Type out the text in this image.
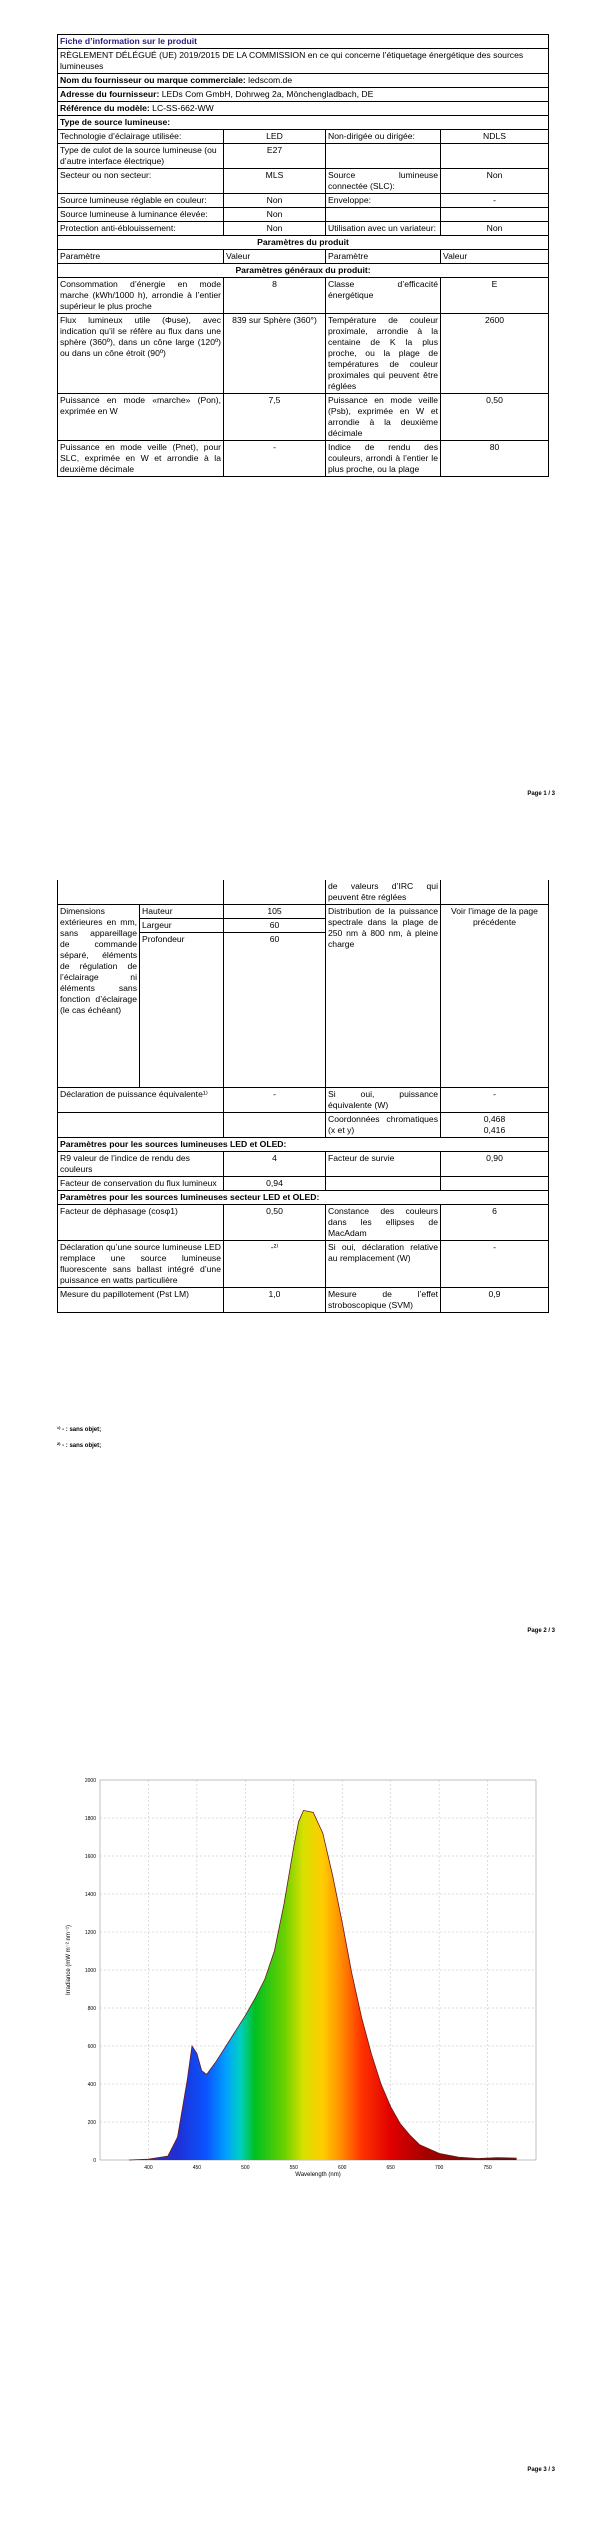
Fiche d’information sur le produit			
RÈGLEMENT DÉLÉGUÉ (UE) 2019/2015 DE LA COMMISSION en ce qui concerne l’étiquetage énergétique des sources lumineuses			
Nom du fournisseur ou marque commerciale: ledscom.de			
Adresse du fournisseur: LEDs Com GmbH, Dohrweg 2a, Mönchengladbach, DE			
Référence du modèle: LC-SS-662-WW			
Type de source lumineuse:			
Technologie d’éclairage utilisée:	LED	Non-dirigée ou dirigée:	NDLS
Type de culot de la source lumineuse (ou d’autre interface électrique)	E27		
Secteur ou non secteur:	MLS	Source lumineuse connectée (SLC):	Non
Source lumineuse réglable en couleur:	Non	Enveloppe:	-
Source lumineuse à luminance élevée:	Non		
Protection anti-éblouissement:	Non	Utilisation avec un variateur:	Non
Paramètres du produit			
Paramètre	Valeur	Paramètre	Valeur
Paramètres généraux du produit:			
Consommation d’énergie en mode marche (kWh/1000 h), arrondie à l’entier supérieur le plus proche	8	Classe d’efficacité énergétique	E
Flux lumineux utile (Φuse), avec indication qu’il se réfère au flux dans une sphère (360º), dans un cône large (120º) ou dans un cône étroit (90º)	839 sur Sphère (360°)	Température de couleur proximale, arrondie à la centaine de K la plus proche, ou la plage de températures de couleur proximales qui peuvent être réglées	2600
Puissance en mode «marche» (Pon), exprimée en W	7,5	Puissance en mode veille (Psb), exprimée en W et arrondie à la deuxième décimale	0,50
Puissance en mode veille (Pnet), pour SLC, exprimée en W et arrondie à la deuxième décimale	-	Indice de rendu des couleurs, arrondi à l’entier le plus proche, ou la plage	80
Page 1 / 3
			de valeurs d’IRC qui peuvent être réglées	
Dimensions extérieures en mm, sans appareillage de commande séparé, éléments de régulation de l’éclairage ni éléments sans fonction d’éclairage (le cas échéant)	Hauteur	105	Distribution de la puissance spectrale dans la plage de 250 nm à 800 nm, à pleine charge	Voir l’image de la page précédente
	Largeur	60		
	Profondeur	60		
Déclaration de puissance équivalente¹⁾		-	Si oui, puissance équivalente (W)	-
			Coordonnées chromatiques (x et y)	0,468
0,416
Paramètres pour les sources lumineuses LED et OLED:				
R9 valeur de l’indice de rendu des couleurs		4	Facteur de survie	0,90
Facteur de conservation du flux lumineux		0,94		
Paramètres pour les sources lumineuses secteur LED et OLED:				
Facteur de déphasage (cosφ1)		0,50	Constance des couleurs dans les ellipses de MacAdam	6
Déclaration qu’une source lumineuse LED remplace une source lumineuse fluorescente sans ballast intégré d’une puissance en watts particulière		-²⁾	Si oui, déclaration relative au remplacement (W)	-
Mesure du papillotement (Pst LM)		1,0	Mesure de l’effet stroboscopique (SVM)	0,9
¹⁾ - : sans objet;
²⁾ - : sans objet;
Page 2 / 3
0
200
400
600
800
1000
1200
1400
1600
1800
2000
400	450	500	550	600	650	700	750
Wavelength (nm)
Irradiance (mW m⁻² nm⁻¹)
Page 3 / 3
